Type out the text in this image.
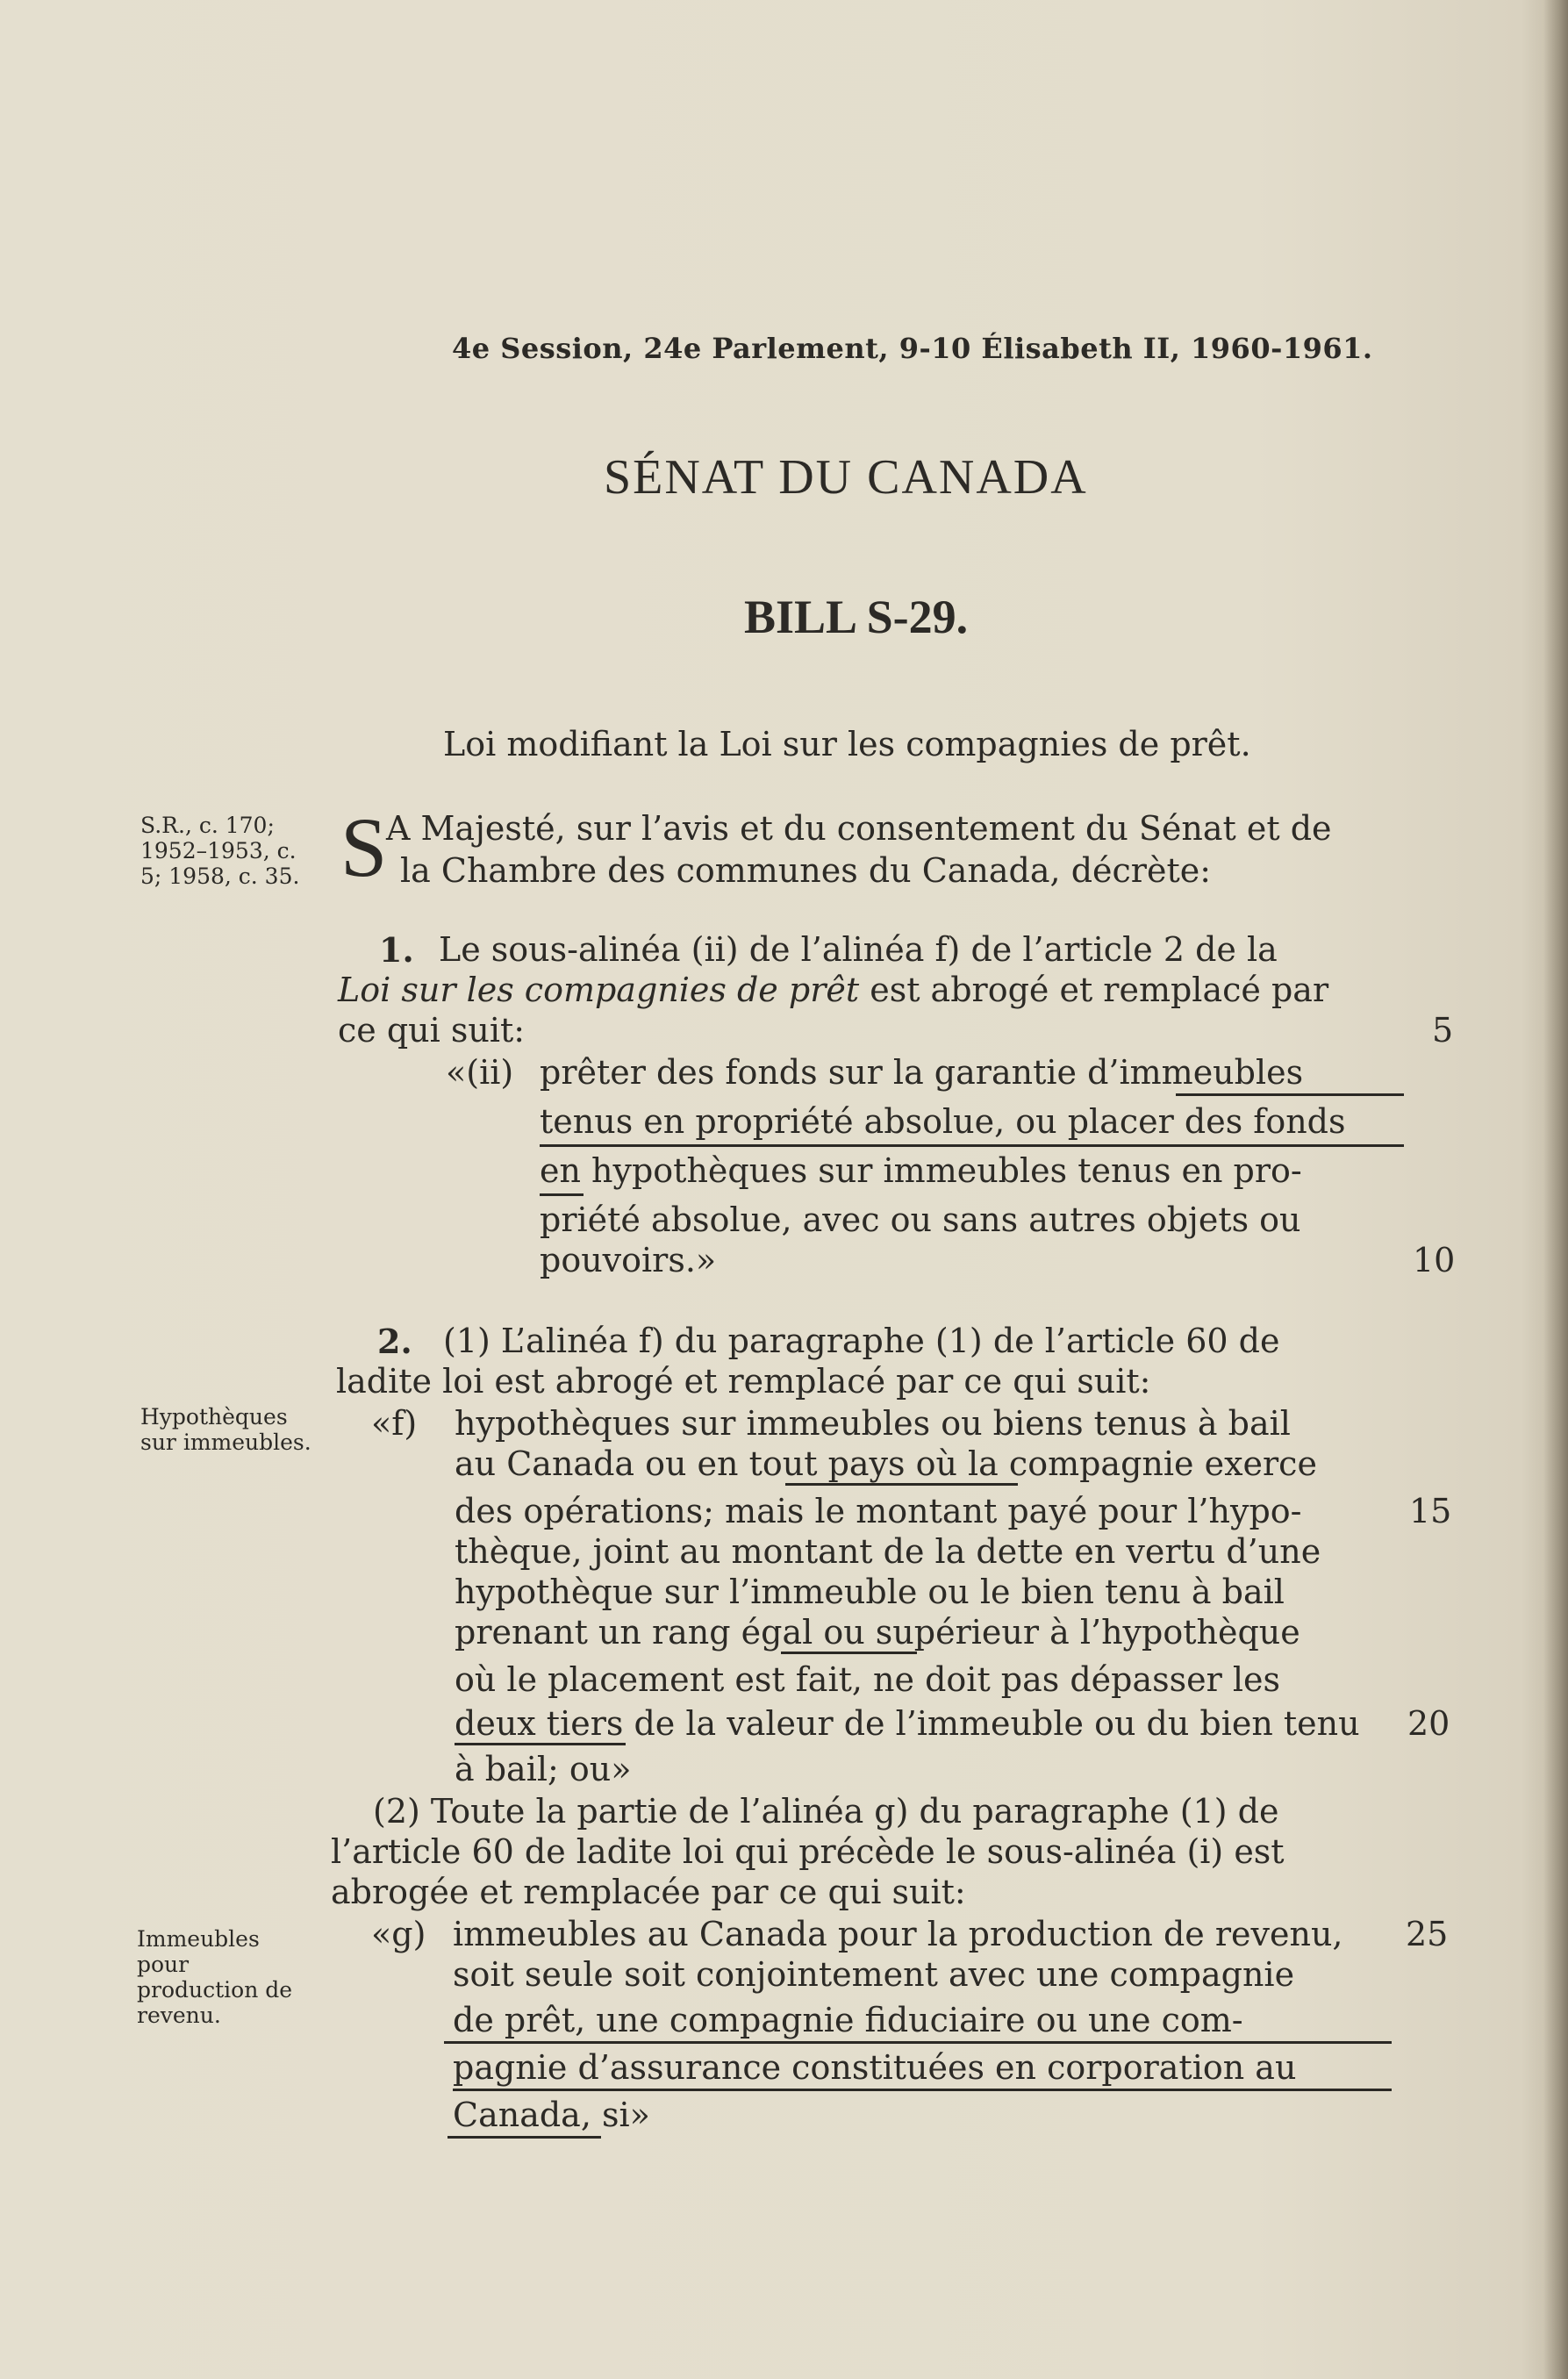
4e Session, 24e Parlement, 9-10 Élisabeth II, 1960-1961.
SÉNAT DU CANADA
BILL S-29.
Loi modifiant la Loi sur les compagnies de prêt.
S.R., c. 170; 1952–1953, c. 5; 1958, c. 35.
Hypothèques sur immeubles.
Immeubles pour production de revenu.
S
A Majesté, sur l’avis et du consentement du Sénat et de
la Chambre des communes du Canada, décrète:
1. Le sous-alinéa (ii) de l’alinéa f) de l’article 2 de la
Loi sur les compagnies de prêt est abrogé et remplacé par
ce qui suit:
«(ii) prêter des fonds sur la garantie d’immeubles
tenus en propriété absolue, ou placer des fonds
en hypothèques sur immeubles tenus en pro-
priété absolue, avec ou sans autres objets ou
pouvoirs.»
2. (1) L’alinéa f) du paragraphe (1) de l’article 60 de
ladite loi est abrogé et remplacé par ce qui suit:
«f) hypothèques sur immeubles ou biens tenus à bail
au Canada ou en tout pays où la compagnie exerce
des opérations; mais le montant payé pour l’hypo-
thèque, joint au montant de la dette en vertu d’une
hypothèque sur l’immeuble ou le bien tenu à bail
prenant un rang égal ou supérieur à l’hypothèque
où le placement est fait, ne doit pas dépasser les
deux tiers de la valeur de l’immeuble ou du bien tenu
à bail; ou»
(2) Toute la partie de l’alinéa g) du paragraphe (1) de
l’article 60 de ladite loi qui précède le sous-alinéa (i) est
abrogée et remplacée par ce qui suit:
«g) immeubles au Canada pour la production de revenu,
soit seule soit conjointement avec une compagnie
de prêt, une compagnie fiduciaire ou une com-
pagnie d’assurance constituées en corporation au
Canada, si»
5
10
15
20
25
